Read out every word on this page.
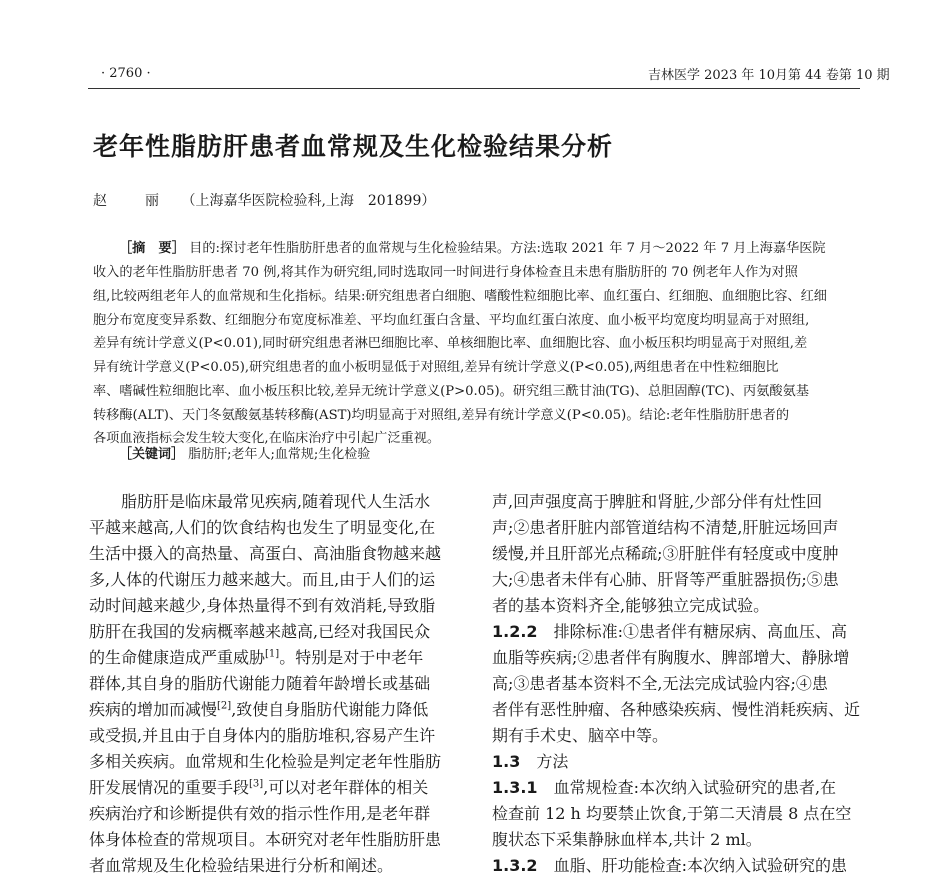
· 2760 ·	吉林医学 2023 年 10月第 44 卷第 10 期
老年性脂肪肝患者血常规及生化检验结果分析
赵　丽 （上海嘉华医院检验科,上海　201899）
［摘　要］ 目的:探讨老年性脂肪肝患者的血常规与生化检验结果。方法:选取 2021 年 7 月～2022 年 7 月上海嘉华医院
收入的老年性脂肪肝患者 70 例,将其作为研究组,同时选取同一时间进行身体检查且未患有脂肪肝的 70 例老年人作为对照
组,比较两组老年人的血常规和生化指标。结果:研究组患者白细胞、嗜酸性粒细胞比率、血红蛋白、红细胞、血细胞比容、红细
胞分布宽度变异系数、红细胞分布宽度标准差、平均血红蛋白含量、平均血红蛋白浓度、血小板平均宽度均明显高于对照组,
差异有统计学意义(P<0.01),同时研究组患者淋巴细胞比率、单核细胞比率、血细胞比容、血小板压积均明显高于对照组,差
异有统计学意义(P<0.05),研究组患者的血小板明显低于对照组,差异有统计学意义(P<0.05),两组患者在中性粒细胞比
率、嗜碱性粒细胞比率、血小板压积比较,差异无统计学意义(P>0.05)。研究组三酰甘油(TG)、总胆固醇(TC)、丙氨酸氨基
转移酶(ALT)、天门冬氨酸氨基转移酶(AST)均明显高于对照组,差异有统计学意义(P<0.05)。结论:老年性脂肪肝患者的
各项血液指标会发生较大变化,在临床治疗中引起广泛重视。
［关键词］ 脂肪肝;老年人;血常规;生化检验
　　脂肪肝是临床最常见疾病,随着现代人生活水
平越来越高,人们的饮食结构也发生了明显变化,在
生活中摄入的高热量、高蛋白、高油脂食物越来越
多,人体的代谢压力越来越大。而且,由于人们的运
动时间越来越少,身体热量得不到有效消耗,导致脂
肪肝在我国的发病概率越来越高,已经对我国民众
的生命健康造成严重威胁[1]。特别是对于中老年
群体,其自身的脂肪代谢能力随着年龄增长或基础
疾病的增加而减慢[2],致使自身脂肪代谢能力降低
或受损,并且由于自身体内的脂肪堆积,容易产生许
多相关疾病。血常规和生化检验是判定老年性脂肪
肝发展情况的重要手段[3],可以对老年群体的相关
疾病治疗和诊断提供有效的指示性作用,是老年群
体身体检查的常规项目。本研究对老年性脂肪肝患
者血常规及生化检验结果进行分析和阐述。
声,回声强度高于脾脏和肾脏,少部分伴有灶性回
声;②患者肝脏内部管道结构不清楚,肝脏远场回声
缓慢,并且肝部光点稀疏;③肝脏伴有轻度或中度肿
大;④患者未伴有心肺、肝肾等严重脏器损伤;⑤患
者的基本资料齐全,能够独立完成试验。
1.2.2　 排除标准:①患者伴有糖尿病、高血压、高
血脂等疾病;②患者伴有胸腹水、脾部增大、静脉增
高;③患者基本资料不全,无法完成试验内容;④患
者伴有恶性肿瘤、各种感染疾病、慢性消耗疾病、近
期有手术史、脑卒中等。
1.3　 方法
1.3.1　 血常规检查:本次纳入试验研究的患者,在
检查前 12 h 均要禁止饮食,于第二天清晨 8 点在空
腹状态下采集静脉血样本,共计 2 ml。
1.3.2　 血脂、肝功能检查:本次纳入试验研究的患
